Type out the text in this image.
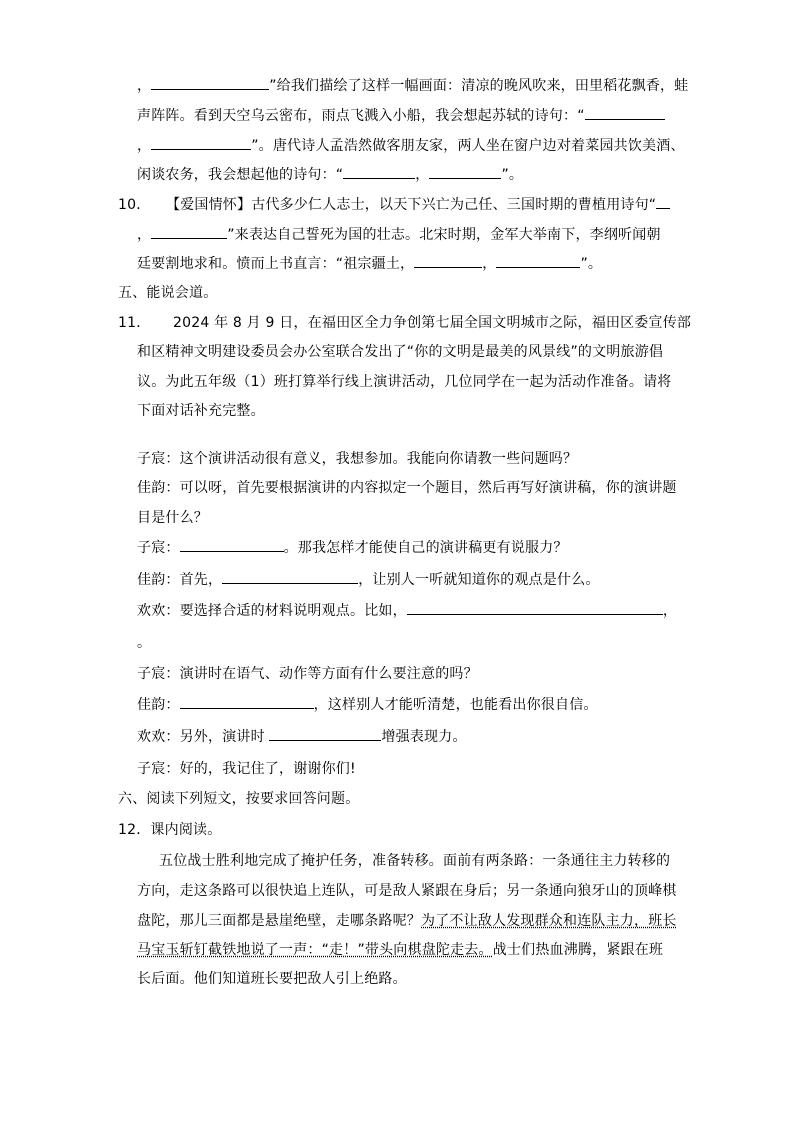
，	”给我们描绘了这样一幅画面：清凉的晚风吹来，田里稻花飘香，蛙
声阵阵。看到天空乌云密布，雨点飞溅入小船，我会想起苏轼的诗句：“
，	”。唐代诗人孟浩然做客朋友家，两人坐在窗户边对着菜园共饮美酒、
闲谈农务，我会想起他的诗句：“	，	”。
10． 【爱国情怀】古代多少仁人志士，以天下兴亡为己任、三国时期的曹植用诗句“
，	”来表达自己誓死为国的壮志。北宋时期，金军大举南下，李纲听闻朝
廷要割地求和。愤而上书直言：“祖宗疆土，	，	”。
五、能说会道。
11． 2024 年 8 月 9 日，在福田区全力争创第七届全国文明城市之际，福田区委宣传部
和区精神文明建设委员会办公室联合发出了“你的文明是最美的风景线”的文明旅游倡
议。为此五年级（1）班打算举行线上演讲活动，几位同学在一起为活动作准备。请将
下面对话补充完整。
子宸：这个演讲活动很有意义，我想参加。我能向你请教一些问题吗？
佳韵：可以呀，首先要根据演讲的内容拟定一个题目，然后再写好演讲稿，你的演讲题
目是什么？
子宸：	。那我怎样才能使自己的演讲稿更有说服力？
佳韵：首先，	，让别人一听就知道你的观点是什么。
欢欢：要选择合适的材料说明观点。比如，	，
。
子宸：演讲时在语气、动作等方面有什么要注意的吗？
佳韵：	，这样别人才能听清楚，也能看出你很自信。
欢欢：另外，演讲时	增强表现力。
子宸：好的，我记住了，谢谢你们!
六、阅读下列短文，按要求回答问题。
12．课内阅读。
五位战士胜利地完成了掩护任务，准备转移。面前有两条路：一条通往主力转移的
方向，走这条路可以很快追上连队，可是敌人紧跟在身后；另一条通向狼牙山的顶峰棋
盘陀，那儿三面都是悬崖绝壁，走哪条路呢？为了不让敌人发现群众和连队主力，班长
马宝玉斩钉截铁地说了一声：“走！”带头向棋盘陀走去。战士们热血沸腾，紧跟在班
长后面。他们知道班长要把敌人引上绝路。
